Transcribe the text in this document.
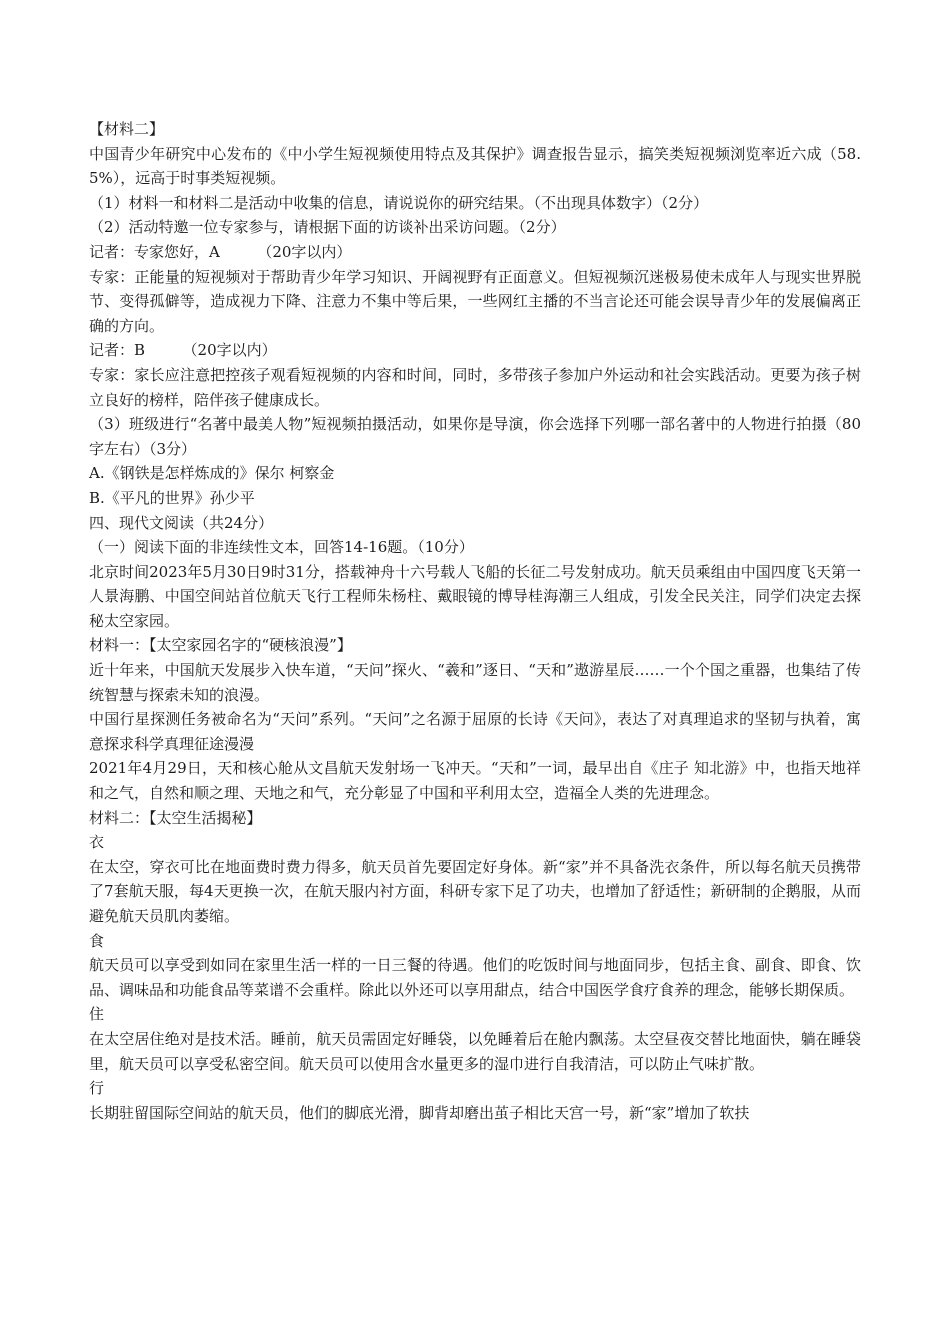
【材料二】

中国青少年研究中心发布的《中小学生短视频使用特点及其保护》调查报告显示，搞笑类短视频浏览率近六成（58.5%），远高于时事类短视频。

（1）材料一和材料二是活动中收集的信息，请说说你的研究结果。（不出现具体数字）（2分）

（2）活动特邀一位专家参与，请根据下面的访谈补出采访问题。（2分）

记者：专家您好，A　　　（20字以内）

专家：正能量的短视频对于帮助青少年学习知识、开阔视野有正面意义。但短视频沉迷极易使未成年人与现实世界脱节、变得孤僻等，造成视力下降、注意力不集中等后果，一些网红主播的不当言论还可能会误导青少年的发展偏离正确的方向。

记者：B　　　（20字以内）

专家：家长应注意把控孩子观看短视频的内容和时间，同时，多带孩子参加户外运动和社会实践活动。更要为孩子树立良好的榜样，陪伴孩子健康成长。

（3）班级进行“名著中最美人物”短视频拍摄活动，如果你是导演，你会选择下列哪一部名著中的人物进行拍摄（80字左右）（3分）

A.《钢铁是怎样炼成的》保尔 柯察金

B.《平凡的世界》孙少平

四、现代文阅读（共24分）

（一）阅读下面的非连续性文本，回答14-16题。（10分）

北京时间2023年5月30日9时31分，搭载神舟十六号载人飞船的长征二号发射成功。航天员乘组由中国四度飞天第一人景海鹏、中国空间站首位航天飞行工程师朱杨柱、戴眼镜的博导桂海潮三人组成，引发全民关注，同学们决定去探秘太空家园。

材料一：【太空家园名字的“硬核浪漫”】

近十年来，中国航天发展步入快车道，“天问”探火、“羲和”逐日、“天和”遨游星辰……一个个国之重器，也集结了传统智慧与探索未知的浪漫。

中国行星探测任务被命名为“天问”系列。“天问”之名源于屈原的长诗《天问》，表达了对真理追求的坚韧与执着，寓意探求科学真理征途漫漫

2021年4月29日，天和核心舱从文昌航天发射场一飞冲天。“天和”一词，最早出自《庄子 知北游》中，也指天地祥和之气，自然和顺之理、天地之和气，充分彰显了中国和平利用太空，造福全人类的先进理念。

材料二：【太空生活揭秘】

衣

在太空，穿衣可比在地面费时费力得多，航天员首先要固定好身体。新“家”并不具备洗衣条件，所以每名航天员携带了7套航天服，每4天更换一次，在航天服内衬方面，科研专家下足了功夫，也增加了舒适性；新研制的企鹅服，从而避免航天员肌肉萎缩。

食

航天员可以享受到如同在家里生活一样的一日三餐的待遇。他们的吃饭时间与地面同步，包括主食、副食、即食、饮品、调味品和功能食品等菜谱不会重样。除此以外还可以享用甜点，结合中国医学食疗食养的理念，能够长期保质。

住

在太空居住绝对是技术活。睡前，航天员需固定好睡袋，以免睡着后在舱内飘荡。太空昼夜交替比地面快，躺在睡袋里，航天员可以享受私密空间。航天员可以使用含水量更多的湿巾进行自我清洁，可以防止气味扩散。

行

长期驻留国际空间站的航天员，他们的脚底光滑，脚背却磨出茧子相比天宫一号，新“家”增加了软扶
